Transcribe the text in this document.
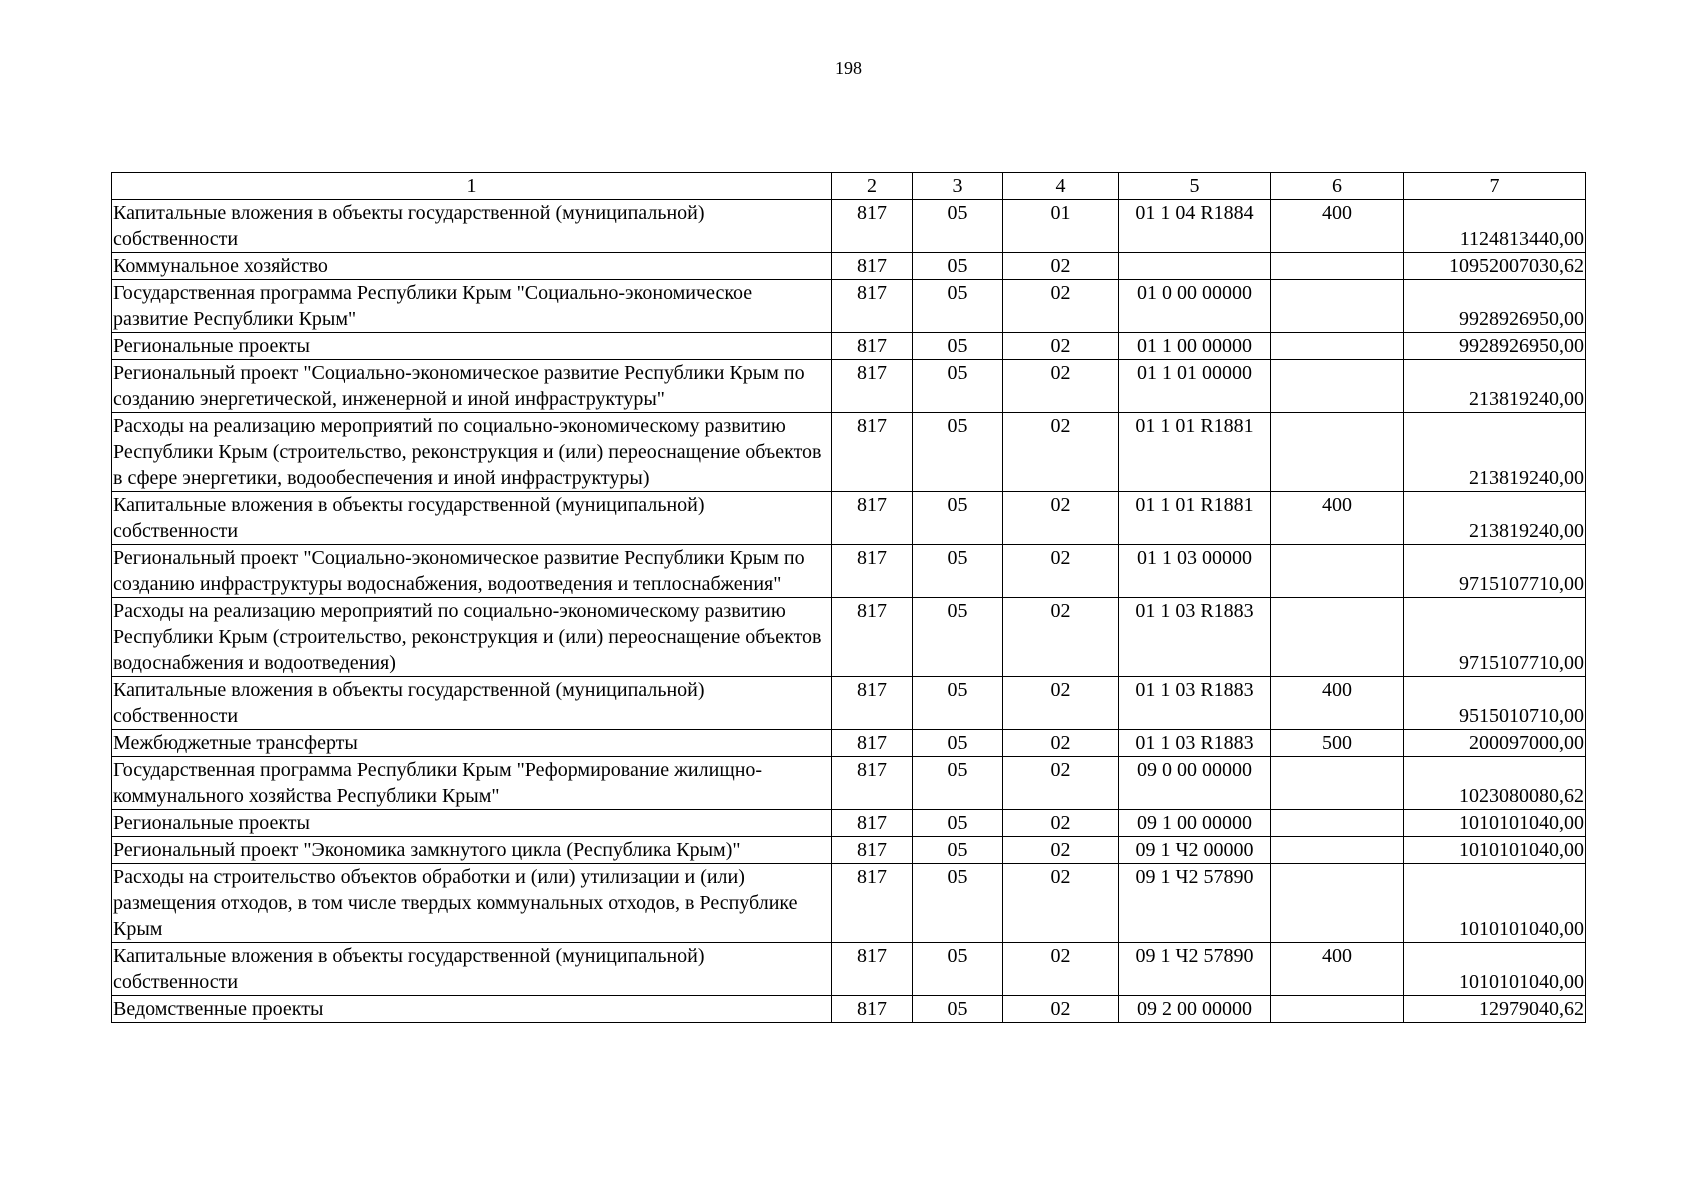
198
1	2	3	4	5	6	7
Капитальные вложения в объекты государственной (муниципальной) собственности	817	05	01	01 1 04 R1884	400	1124813440,00
Коммунальное хозяйство	817	05	02			10952007030,62
Государственная программа Республики Крым "Социально-экономическое развитие Республики Крым"	817	05	02	01 0 00 00000		9928926950,00
Региональные проекты	817	05	02	01 1 00 00000		9928926950,00
Региональный проект "Социально-экономическое развитие Республики Крым по созданию энергетической, инженерной и иной инфраструктуры"	817	05	02	01 1 01 00000		213819240,00
Расходы на реализацию мероприятий по социально-экономическому развитию Республики Крым (строительство, реконструкция и (или) переоснащение объектов в сфере энергетики, водообеспечения и иной инфраструктуры)	817	05	02	01 1 01 R1881		213819240,00
Капитальные вложения в объекты государственной (муниципальной) собственности	817	05	02	01 1 01 R1881	400	213819240,00
Региональный проект "Социально-экономическое развитие Республики Крым по созданию инфраструктуры водоснабжения, водоотведения и теплоснабжения"	817	05	02	01 1 03 00000		9715107710,00
Расходы на реализацию мероприятий по социально-экономическому развитию Республики Крым (строительство, реконструкция и (или) переоснащение объектов водоснабжения и водоотведения)	817	05	02	01 1 03 R1883		9715107710,00
Капитальные вложения в объекты государственной (муниципальной) собственности	817	05	02	01 1 03 R1883	400	9515010710,00
Межбюджетные трансферты	817	05	02	01 1 03 R1883	500	200097000,00
Государственная программа Республики Крым "Реформирование жилищно-коммунального хозяйства Республики Крым"	817	05	02	09 0 00 00000		1023080080,62
Региональные проекты	817	05	02	09 1 00 00000		1010101040,00
Региональный проект "Экономика замкнутого цикла (Республика Крым)"	817	05	02	09 1 Ч2 00000		1010101040,00
Расходы на строительство объектов обработки и (или) утилизации и (или) размещения отходов, в том числе твердых коммунальных отходов, в Республике Крым	817	05	02	09 1 Ч2 57890		1010101040,00
Капитальные вложения в объекты государственной (муниципальной) собственности	817	05	02	09 1 Ч2 57890	400	1010101040,00
Ведомственные проекты	817	05	02	09 2 00 00000		12979040,62
